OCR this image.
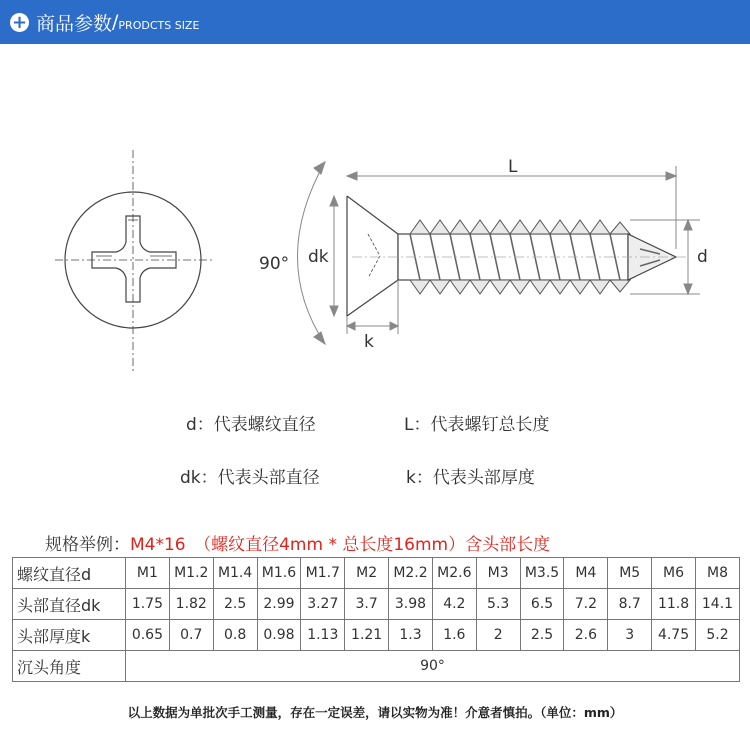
+ 商品参数 / PRODCTS SIZE
90° dk
L
d
k
d：代表螺纹直径	L：代表螺钉总长度
dk：代表头部直径	k：代表头部厚度
规格举例：M4*16　（螺纹直径4mm * 总长度16mm）含头部长度
螺纹直径d	M1	M1.2	M1.4	M1.6	M1.7	M2	M2.2	M2.6	M3	M3.5	M4	M5	M6	M8
头部直径dk	1.75	1.82	2.5	2.99	3.27	3.7	3.98	4.2	5.3	6.5	7.2	8.7	11.8	14.1
头部厚度k	0.65	0.7	0.8	0.98	1.13	1.21	1.3	1.6	2	2.5	2.6	3	4.75	5.2
沉头角度	90°													
以上数据为单批次手工测量，存在一定误差，请以实物为准！介意者慎拍。（单位：mm）
